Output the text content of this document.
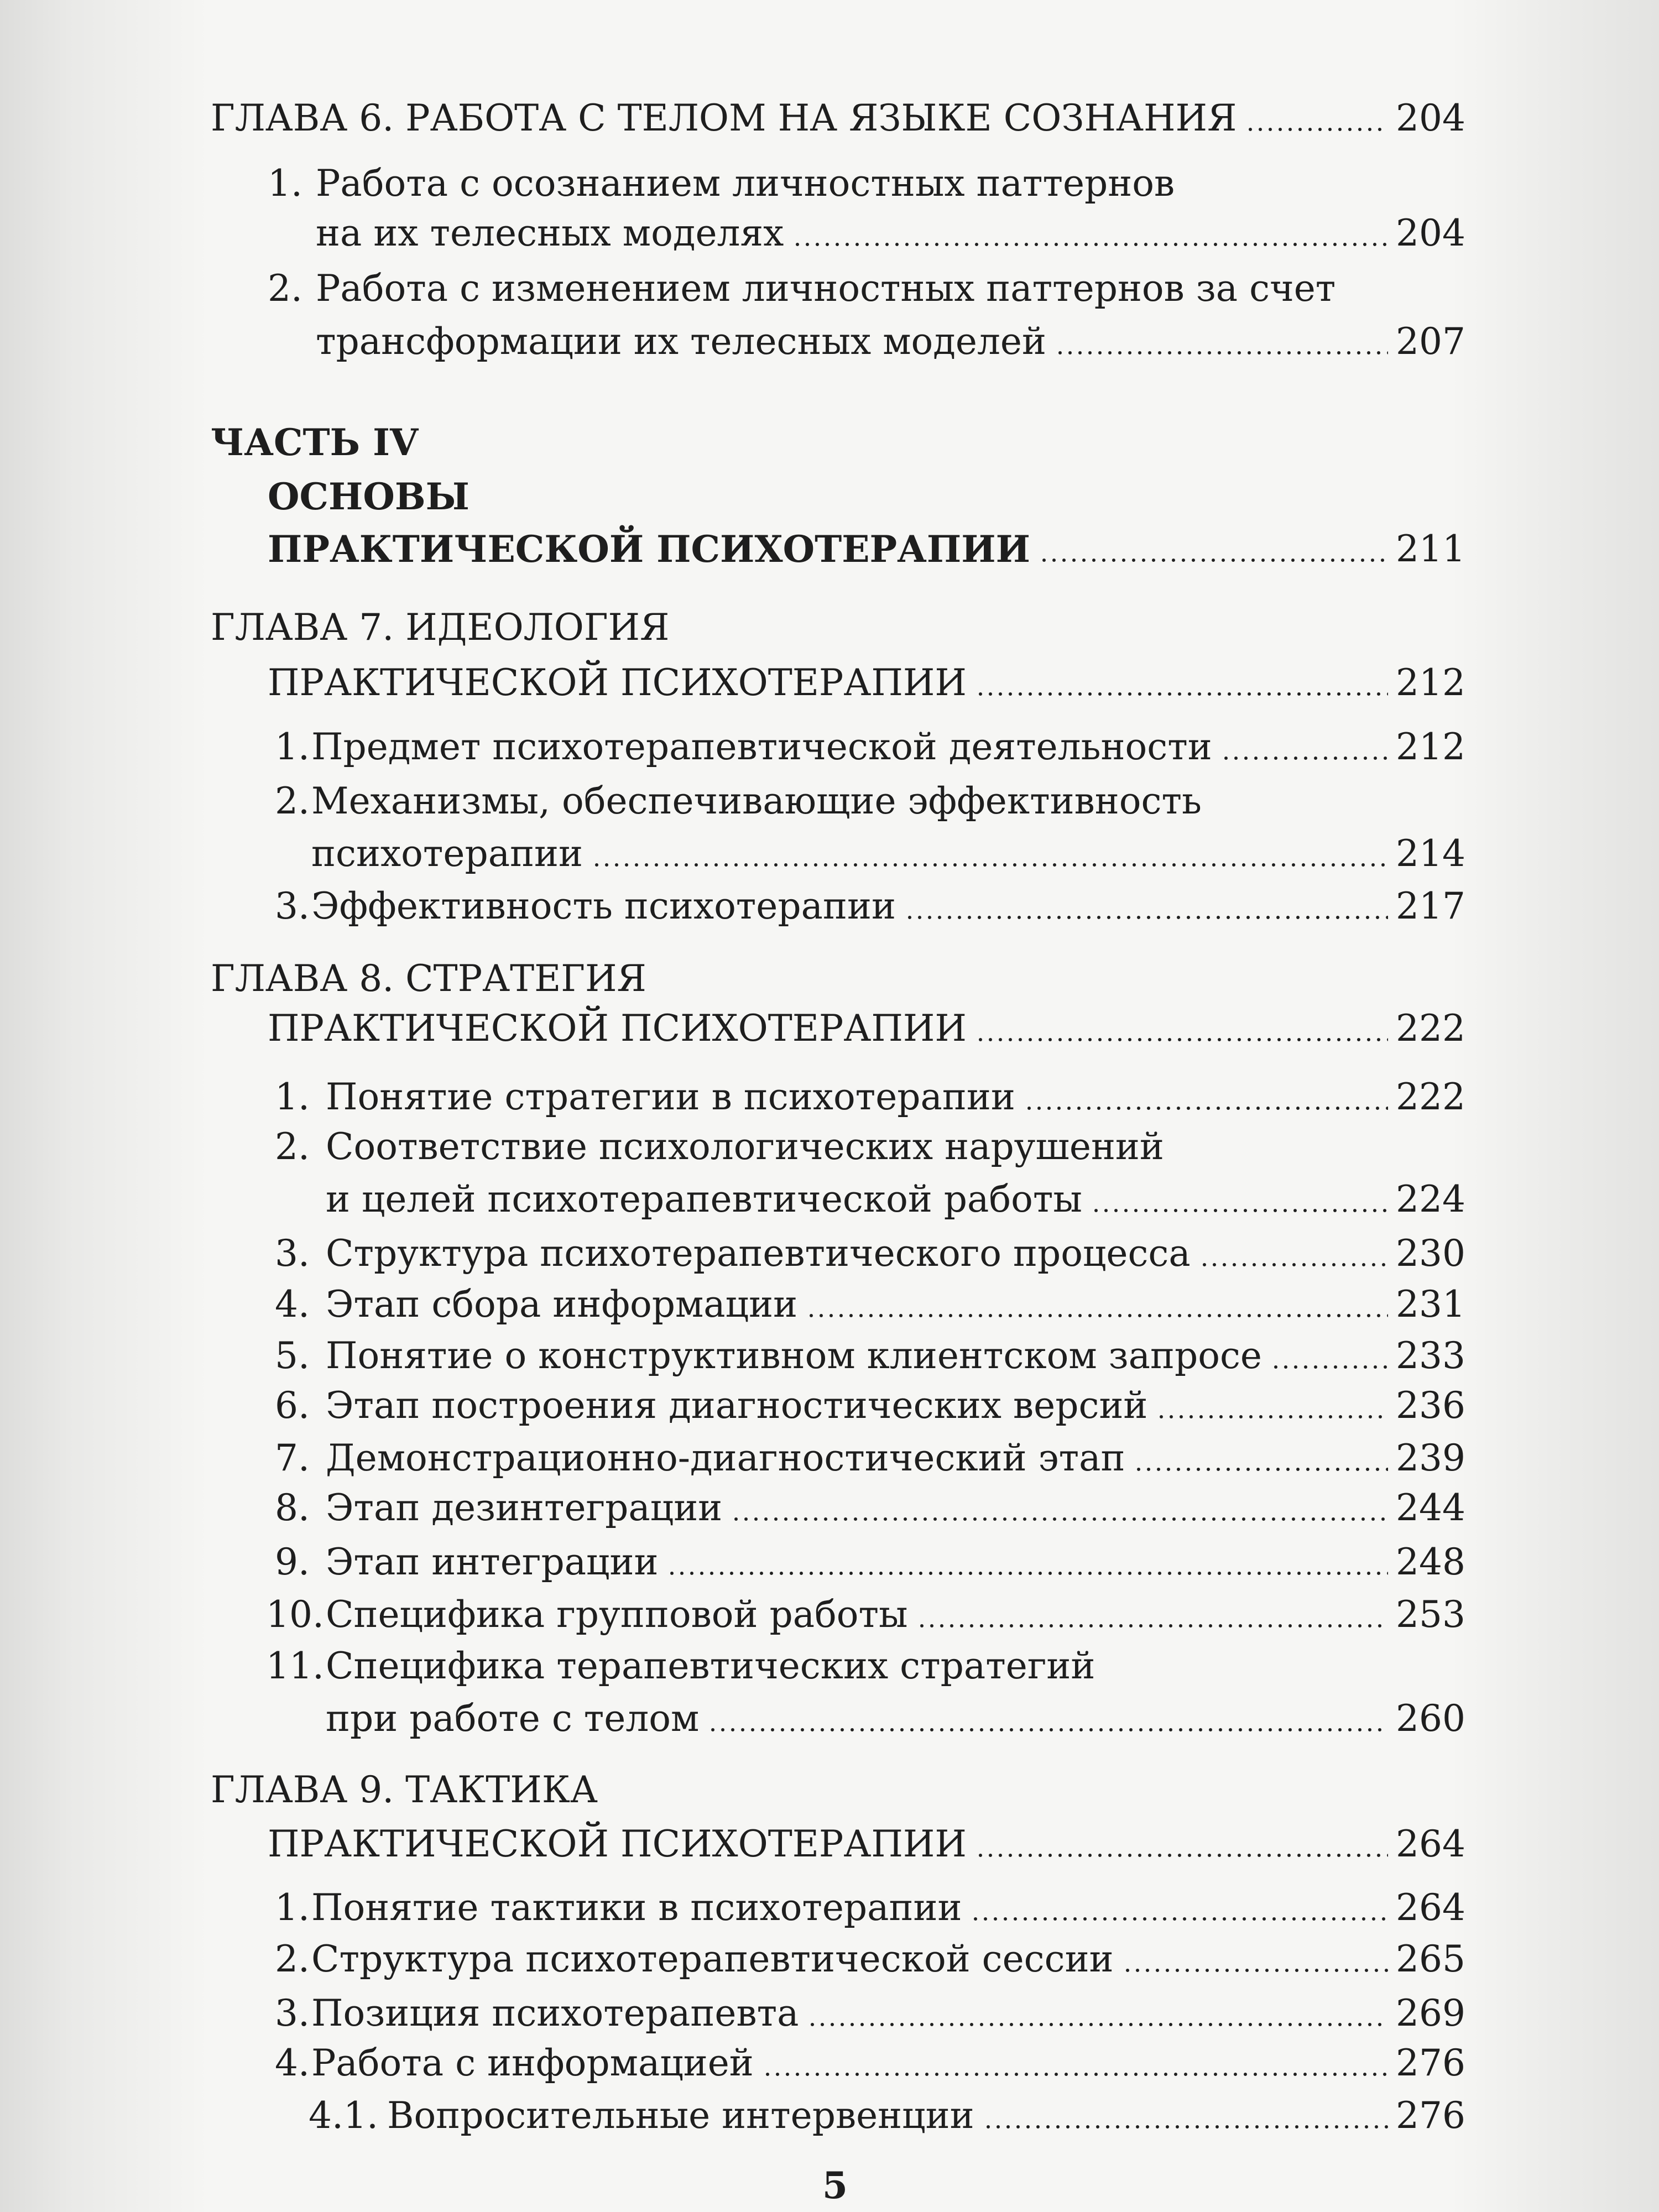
ГЛАВА 6. РАБОТА С ТЕЛОМ НА ЯЗЫКЕ СОЗНАНИЯ	204
1. Работа с осознанием личностных паттернов
на их телесных моделях	204
2. Работа с изменением личностных паттернов за счет
трансформации их телесных моделей	207
ЧАСТЬ IV
ОСНОВЫ
ПРАКТИЧЕСКОЙ ПСИХОТЕРАПИИ	211
ГЛАВА 7. ИДЕОЛОГИЯ
ПРАКТИЧЕСКОЙ ПСИХОТЕРАПИИ	212
1. Предмет психотерапевтической деятельности	212
2. Механизмы, обеспечивающие эффективность
психотерапии	214
3. Эффективность психотерапии	217
ГЛАВА 8. СТРАТЕГИЯ
ПРАКТИЧЕСКОЙ ПСИХОТЕРАПИИ	222
1. Понятие стратегии в психотерапии	222
2. Соответствие психологических нарушений
и целей психотерапевтической работы	224
3. Структура психотерапевтического процесса	230
4. Этап сбора информации	231
5. Понятие о конструктивном клиентском запросе	233
6. Этап построения диагностических версий	236
7. Демонстрационно-диагностический этап	239
8. Этап дезинтеграции	244
9. Этап интеграции	248
10. Специфика групповой работы	253
11. Специфика терапевтических стратегий
при работе с телом	260
ГЛАВА 9. ТАКТИКА
ПРАКТИЧЕСКОЙ ПСИХОТЕРАПИИ	264
1. Понятие тактики в психотерапии	264
2. Структура психотерапевтической сессии	265
3. Позиция психотерапевта	269
4. Работа с информацией	276
4.1. Вопросительные интервенции	276
5
